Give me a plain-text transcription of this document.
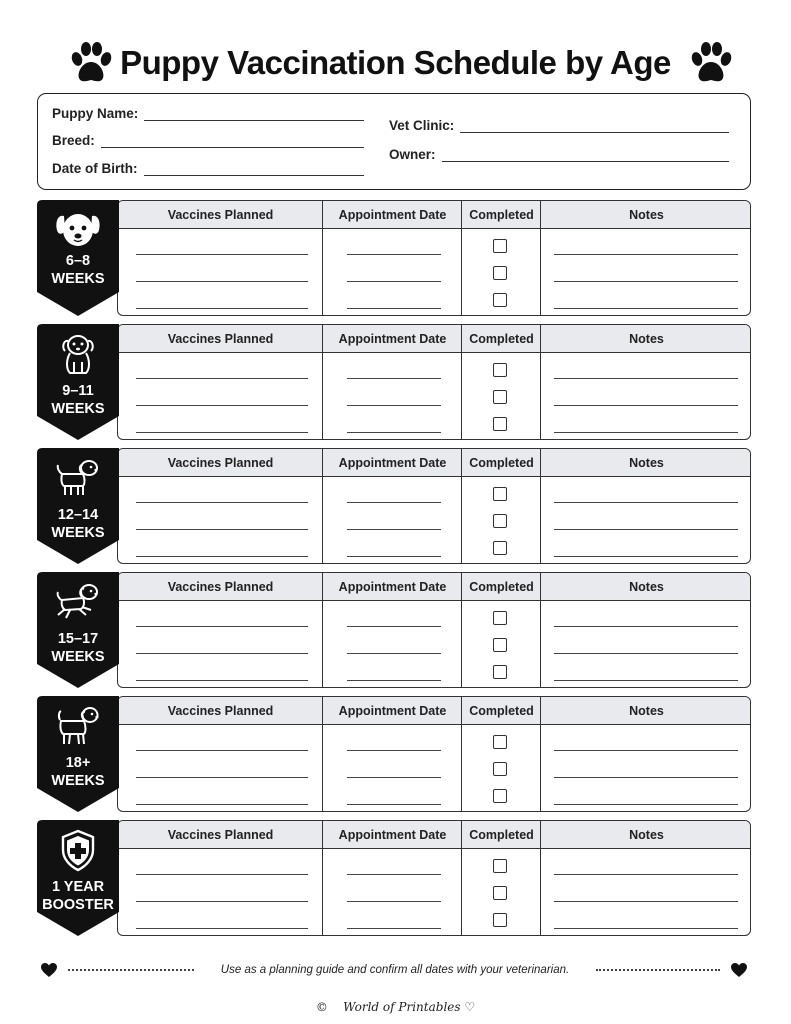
Puppy Vaccination Schedule by Age
Puppy Name:
Breed:
Date of Birth:
Vet Clinic:
Owner:
Vaccines Planned	Appointment Date	Completed	Notes
6–8
WEEKS
Vaccines Planned	Appointment Date	Completed	Notes
9–11
WEEKS
Vaccines Planned	Appointment Date	Completed	Notes
12–14
WEEKS
Vaccines Planned	Appointment Date	Completed	Notes
15–17
WEEKS
Vaccines Planned	Appointment Date	Completed	Notes
18+
WEEKS
Vaccines Planned	Appointment Date	Completed	Notes
1 YEAR
BOOSTER
Use as a planning guide and confirm all dates with your veterinarian.
© World of Printables ♡
